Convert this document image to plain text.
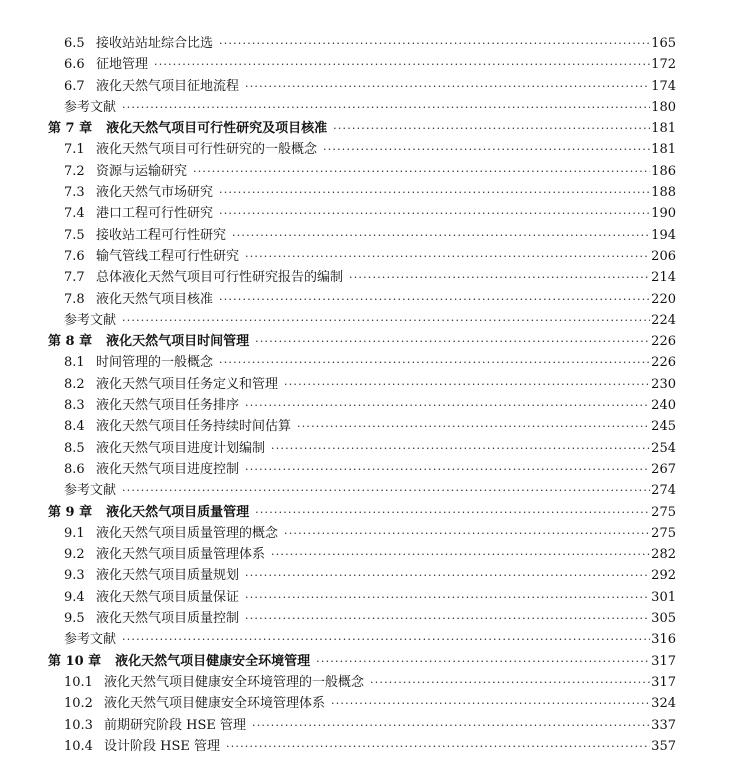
6.5 接收站站址综合比选 ·····	165
6.6 征地管理 ·····	172
6.7 液化天然气项目征地流程 ·····	174
参考文献 ·····	180
第 7 章 液化天然气项目可行性研究及项目核准 ·····	181
7.1 液化天然气项目可行性研究的一般概念 ·····	181
7.2 资源与运输研究 ·····	186
7.3 液化天然气市场研究 ·····	188
7.4 港口工程可行性研究 ·····	190
7.5 接收站工程可行性研究 ·····	194
7.6 输气管线工程可行性研究 ·····	206
7.7 总体液化天然气项目可行性研究报告的编制 ·····	214
7.8 液化天然气项目核准 ·····	220
参考文献 ·····	224
第 8 章 液化天然气项目时间管理 ·····	226
8.1 时间管理的一般概念 ·····	226
8.2 液化天然气项目任务定义和管理 ·····	230
8.3 液化天然气项目任务排序 ·····	240
8.4 液化天然气项目任务持续时间估算 ·····	245
8.5 液化天然气项目进度计划编制 ·····	254
8.6 液化天然气项目进度控制 ·····	267
参考文献 ·····	274
第 9 章 液化天然气项目质量管理 ·····	275
9.1 液化天然气项目质量管理的概念 ·····	275
9.2 液化天然气项目质量管理体系 ·····	282
9.3 液化天然气项目质量规划 ·····	292
9.4 液化天然气项目质量保证 ·····	301
9.5 液化天然气项目质量控制 ·····	305
参考文献 ·····	316
第 10 章 液化天然气项目健康安全环境管理 ·····	317
10.1 液化天然气项目健康安全环境管理的一般概念 ·····	317
10.2 液化天然气项目健康安全环境管理体系 ·····	324
10.3 前期研究阶段 HSE 管理 ·····	337
10.4 设计阶段 HSE 管理 ·····	357
